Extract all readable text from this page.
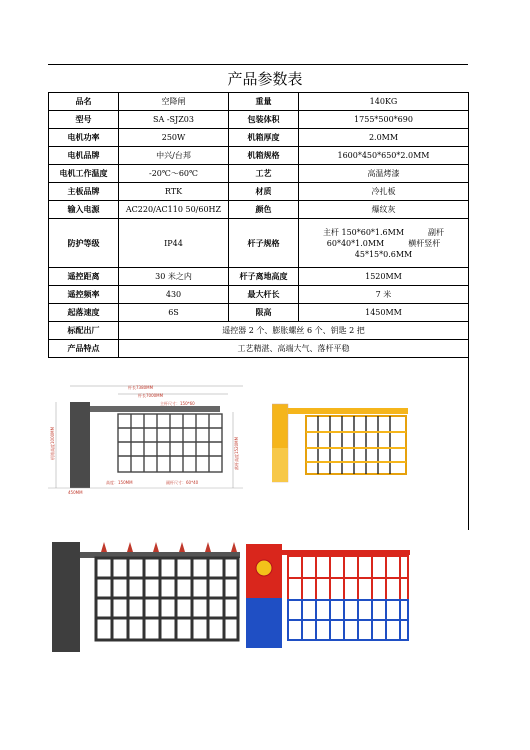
产品参数表
品名	空降闸	重量	140KG
型号	SA -SJZ03	包装体积	1755*500*690
电机功率	250W	机箱厚度	2.0MM
电机品牌	中兴/台邦	机箱规格	1600*450*650*2.0MM
电机工作温度	-20℃～60℃	工艺	高温烤漆
主板品牌	RTK	材质	冷扎板
输入电源	AC220/AC110 50/60HZ	颜色	爆纹灰
防护等级	IP44	杆子规格	主杆 150*60*1.6MM　　　副杆
60*40*1.0MM　　　横杆竖杆
45*15*0.6MM

遥控距离	30 米之内	杆子离地高度	1520MM
遥控频率	430	最大杆长	7 米
起落速度	6S	限高	1450MM
标配出厂	遥控器 2 个、膨胀螺丝 6 个、钥匙 2 把		
产品特点	工艺精湛、高端大气、落杆平稳		
杆长7380MM
杆长7000MM
主杆尺寸：150*60
机箱高度1000MM	落杆高度1520MM
450MM
高度：150MM	副杆尺寸：60*40
